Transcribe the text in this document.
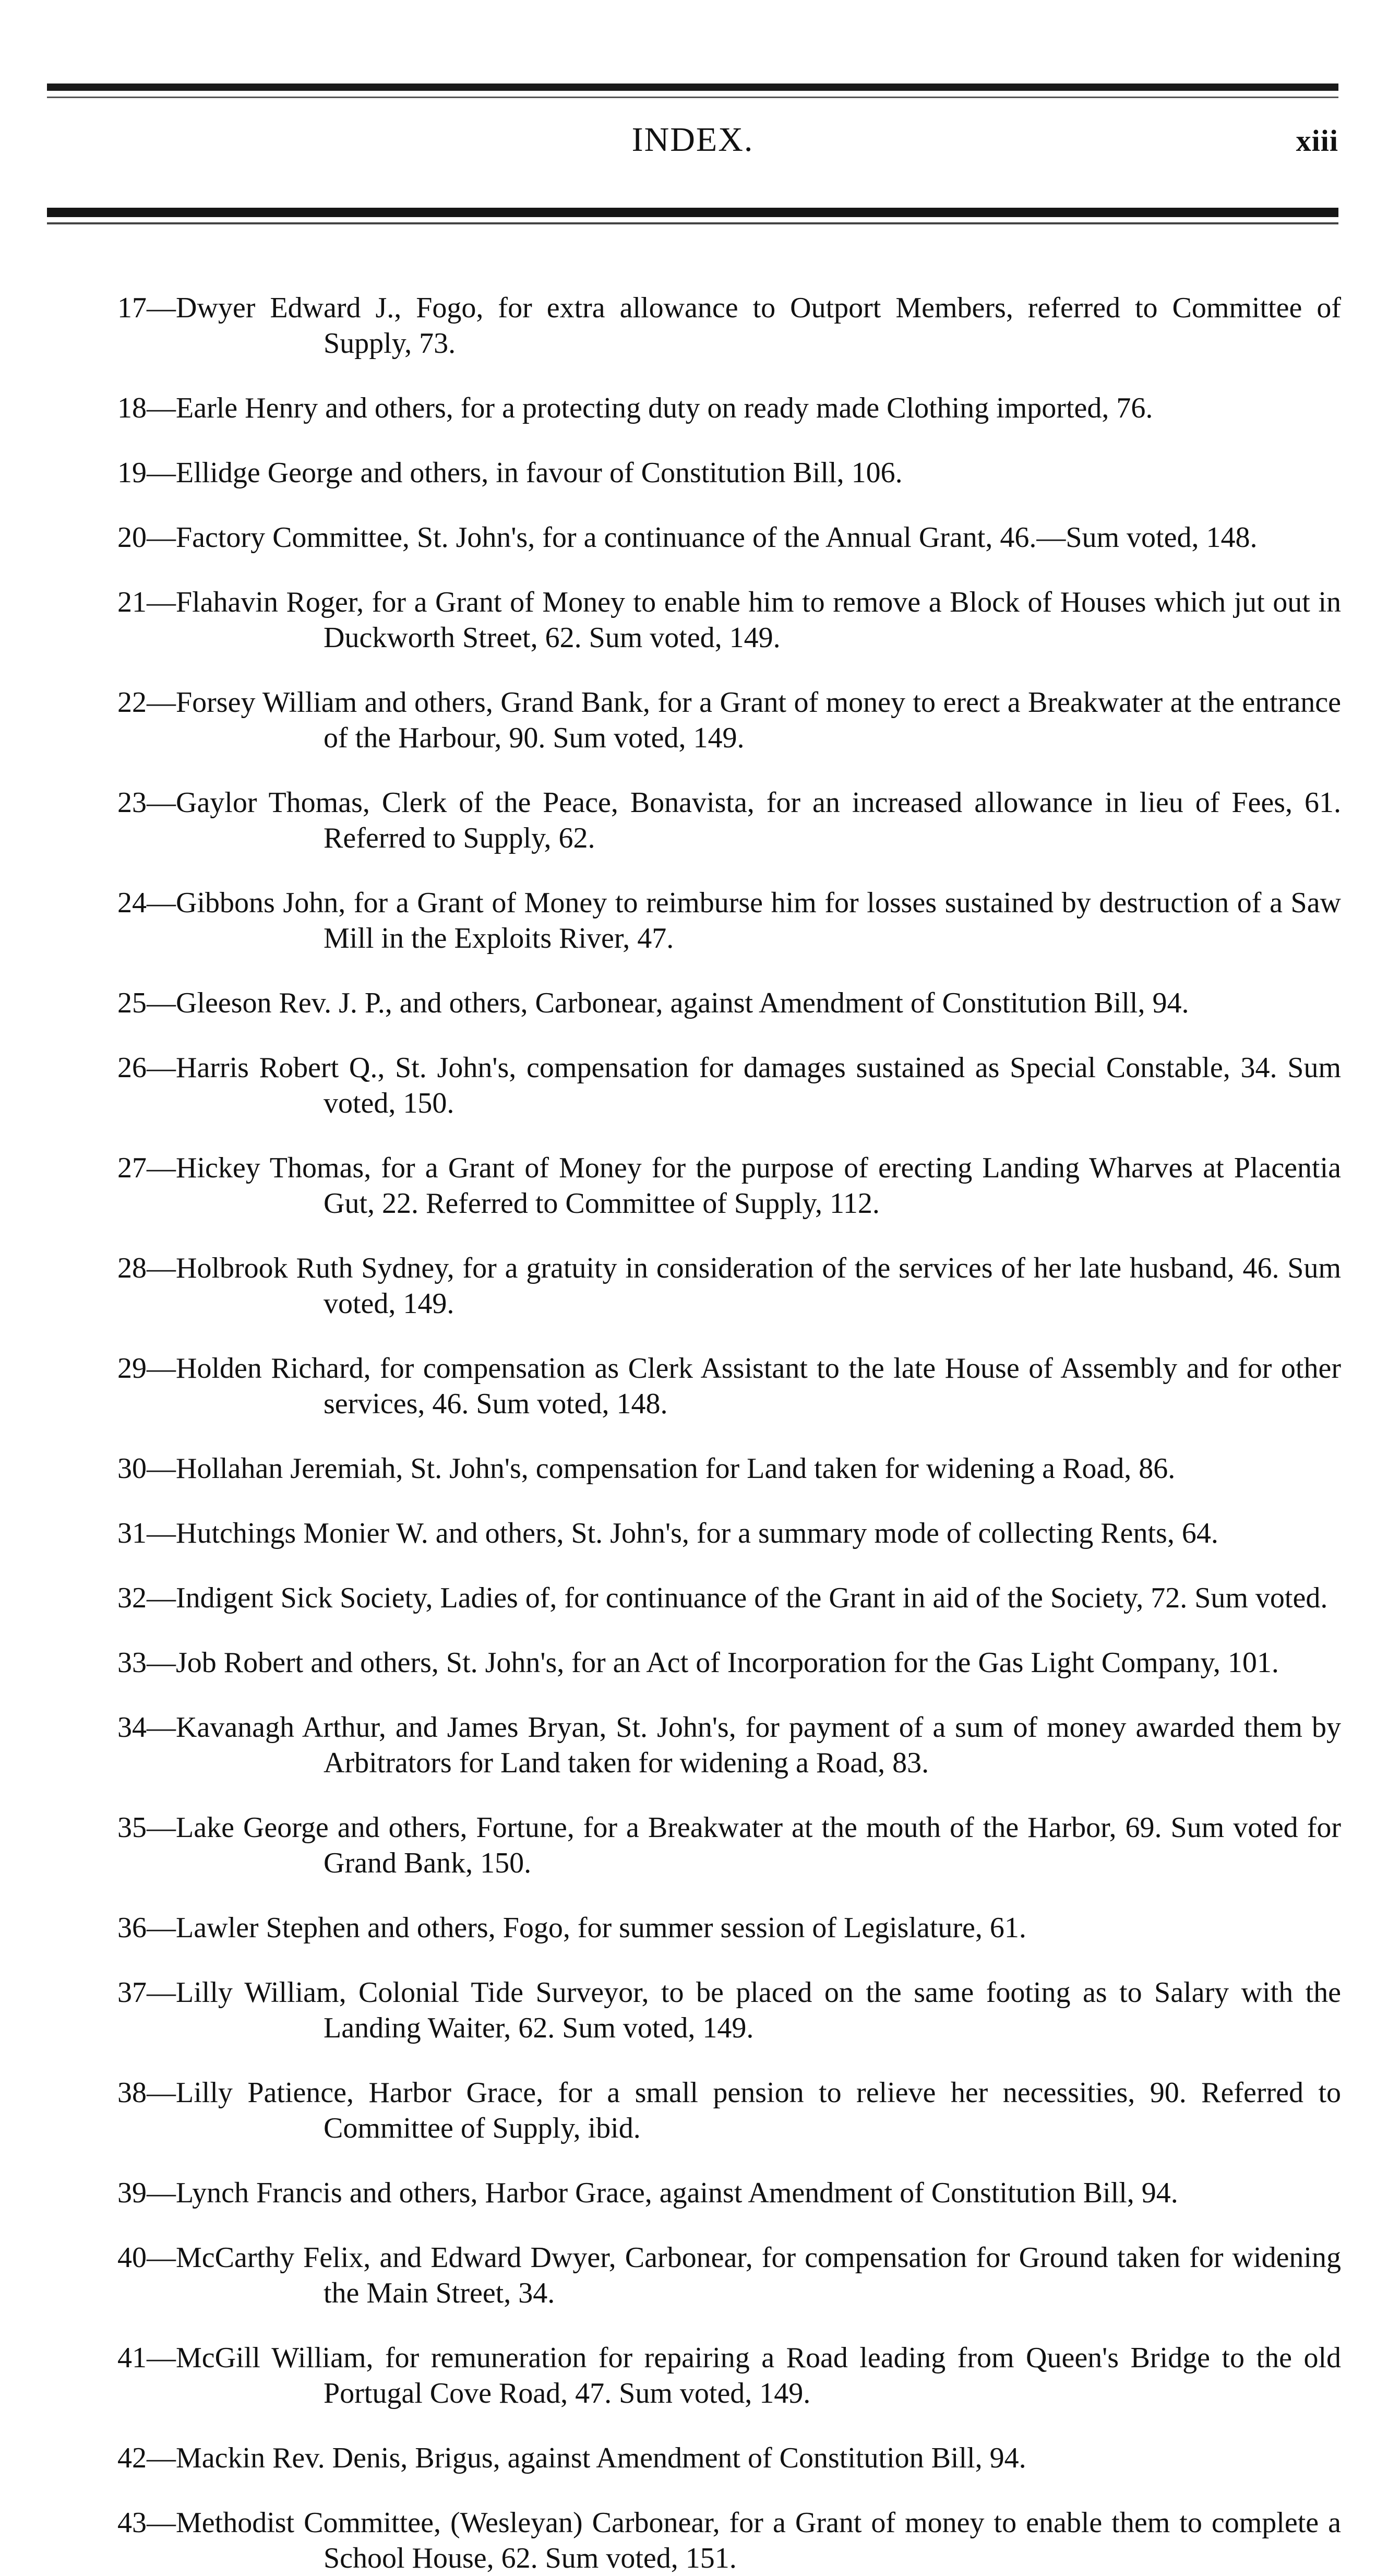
INDEX.	xiii

17—Dwyer Edward J., Fogo, for extra allowance to Outport Members, referred to Committee of Supply, 73.

18—Earle Henry and others, for a protecting duty on ready made Clothing imported, 76.

19—Ellidge George and others, in favour of Constitution Bill, 106.

20—Factory Committee, St. John's, for a continuance of the Annual Grant, 46.—Sum voted, 148.

21—Flahavin Roger, for a Grant of Money to enable him to remove a Block of Houses which jut out in Duckworth Street, 62. Sum voted, 149.

22—Forsey William and others, Grand Bank, for a Grant of money to erect a Breakwater at the entrance of the Harbour, 90. Sum voted, 149.

23—Gaylor Thomas, Clerk of the Peace, Bonavista, for an increased allowance in lieu of Fees, 61. Referred to Supply, 62.

24—Gibbons John, for a Grant of Money to reimburse him for losses sustained by destruction of a Saw Mill in the Exploits River, 47.

25—Gleeson Rev. J. P., and others, Carbonear, against Amendment of Constitution Bill, 94.

26—Harris Robert Q., St. John's, compensation for damages sustained as Special Constable, 34. Sum voted, 150.

27—Hickey Thomas, for a Grant of Money for the purpose of erecting Landing Wharves at Placentia Gut, 22. Referred to Committee of Supply, 112.

28—Holbrook Ruth Sydney, for a gratuity in consideration of the services of her late husband, 46. Sum voted, 149.

29—Holden Richard, for compensation as Clerk Assistant to the late House of Assembly and for other services, 46. Sum voted, 148.

30—Hollahan Jeremiah, St. John's, compensation for Land taken for widening a Road, 86.

31—Hutchings Monier W. and others, St. John's, for a summary mode of collecting Rents, 64.

32—Indigent Sick Society, Ladies of, for continuance of the Grant in aid of the Society, 72. Sum voted.

33—Job Robert and others, St. John's, for an Act of Incorporation for the Gas Light Company, 101.

34—Kavanagh Arthur, and James Bryan, St. John's, for payment of a sum of money awarded them by Arbitrators for Land taken for widening a Road, 83.

35—Lake George and others, Fortune, for a Breakwater at the mouth of the Harbor, 69. Sum voted for Grand Bank, 150.

36—Lawler Stephen and others, Fogo, for summer session of Legislature, 61.

37—Lilly William, Colonial Tide Surveyor, to be placed on the same footing as to Salary with the Landing Waiter, 62. Sum voted, 149.

38—Lilly Patience, Harbor Grace, for a small pension to relieve her necessities, 90. Referred to Committee of Supply, ibid.

39—Lynch Francis and others, Harbor Grace, against Amendment of Constitution Bill, 94.

40—McCarthy Felix, and Edward Dwyer, Carbonear, for compensation for Ground taken for widening the Main Street, 34.

41—McGill William, for remuneration for repairing a Road leading from Queen's Bridge to the old Portugal Cove Road, 47. Sum voted, 149.

42—Mackin Rev. Denis, Brigus, against Amendment of Constitution Bill, 94.

43—Methodist Committee, (Wesleyan) Carbonear, for a Grant of money to enable them to complete a School House, 62. Sum voted, 151.
